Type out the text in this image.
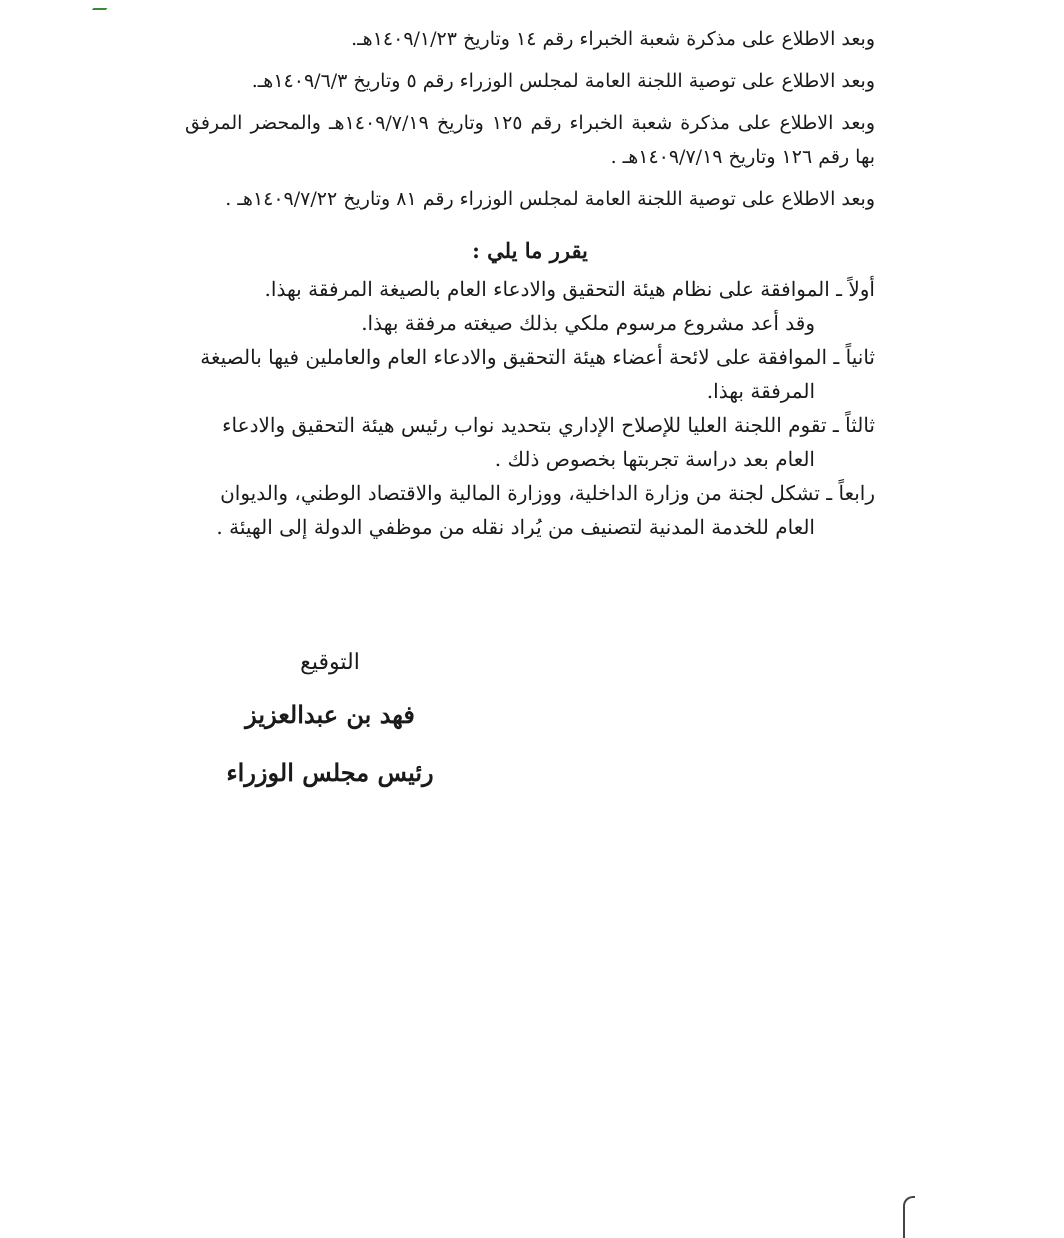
وبعد الاطلاع على مذكرة شعبة الخبراء رقم ١٤ وتاريخ ١٤٠٩/١/٢٣هـ.

وبعد الاطلاع على توصية اللجنة العامة لمجلس الوزراء رقم ٥ وتاريخ ١٤٠٩/٦/٣هـ.

وبعد الاطلاع على مذكرة شعبة الخبراء رقم ١٢٥ وتاريخ ١٤٠٩/٧/١٩هـ والمحضر المرفق بها رقم ١٢٦ وتاريخ ١٤٠٩/٧/١٩هـ .

وبعد الاطلاع على توصية اللجنة العامة لمجلس الوزراء رقم ٨١ وتاريخ ١٤٠٩/٧/٢٢هـ .

يقرر ما يلي :

أولاً ـ الموافقة على نظام هيئة التحقيق والادعاء العام بالصيغة المرفقة بهذا.

وقد أعد مشروع مرسوم ملكي بذلك صيغته مرفقة بهذا.

ثانياً ـ الموافقة على لائحة أعضاء هيئة التحقيق والادعاء العام والعاملين فيها بالصيغة المرفقة بهذا.

ثالثاً ـ تقوم اللجنة العليا للإصلاح الإداري بتحديد نواب رئيس هيئة التحقيق والادعاء العام بعد دراسة تجربتها بخصوص ذلك .

رابعاً ـ تشكل لجنة من وزارة الداخلية، ووزارة المالية والاقتصاد الوطني، والديوان العام للخدمة المدنية لتصنيف من يُراد نقله من موظفي الدولة إلى الهيئة .

التوقيع

فهد بن عبدالعزيز

رئيس مجلس الوزراء
